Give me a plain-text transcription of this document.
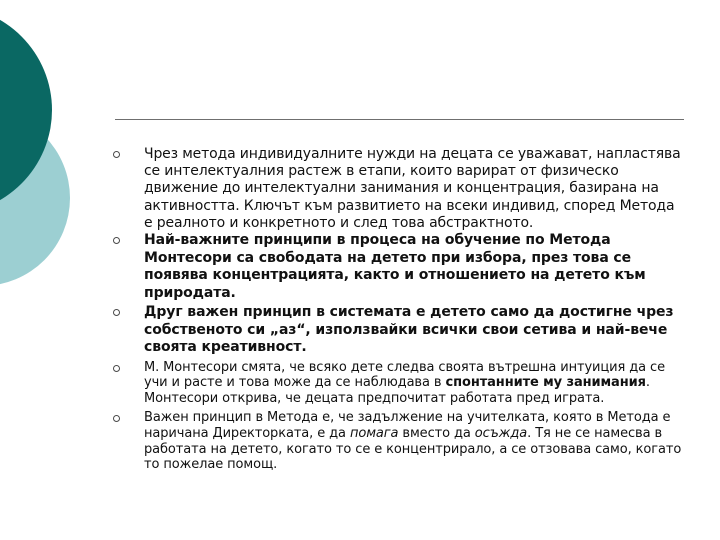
Чрез метода индивидуалните нужди на децата се уважават, напластява се интелектуалния растеж в етапи, които варират от физическо движение до интелектуални занимания и концентрация, базирана на активността. Ключът към развитието на всеки индивид, според Метода е реалното и конкретното и след това абстрактното.
Най-важните принципи в процеса на обучение по Метода Монтесори са свободата на детето при избора, през това се появява концентрацията, както и отношението на детето към природата.
Друг важен принцип в системата е детето само да достигне чрез собственото си „аз“, използвайки всички свои сетива и най-вече своята креативност.
М. Монтесори смята, че всяко дете следва своята вътрешна интуиция да се учи и расте и това може да се наблюдава в спонтанните му занимания. Монтесори открива, че децата предпочитат работата пред играта.
Важен принцип в Метода е, че задължение на учителката, която в Метода е наричана Директорката, е да помага вместо да осъжда. Тя не се намесва в работата на детето, когато то се е концентрирало, а се отзовава само, когато то пожелае помощ.
